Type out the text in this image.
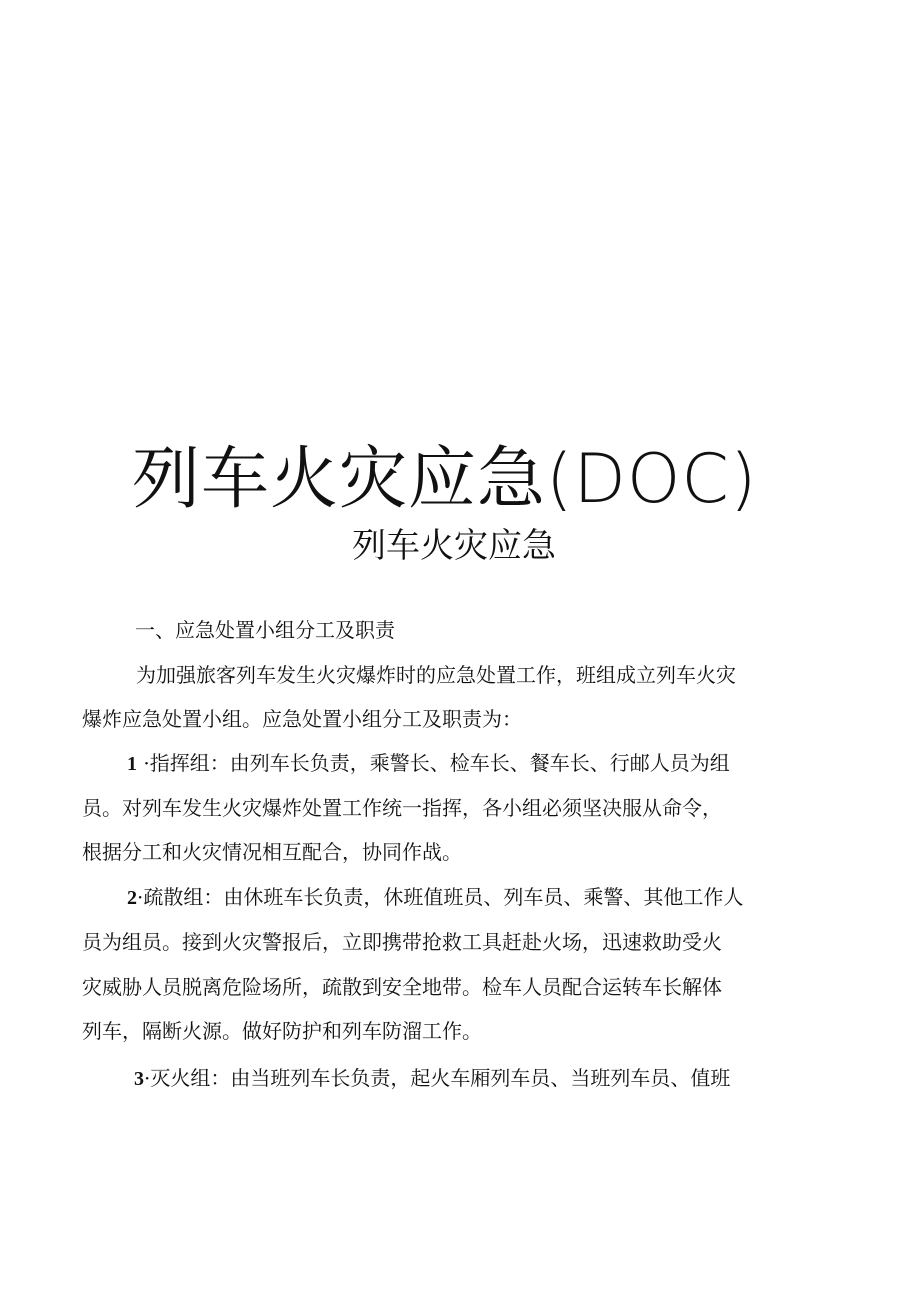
列车火灾应急(DOC)
列车火灾应急
一、应急处置小组分工及职责
为加强旅客列车发生火灾爆炸时的应急处置工作，班组成立列车火灾
爆炸应急处置小组。应急处置小组分工及职责为：
1 ·指挥组：由列车长负责，乘警长、检车长、餐车长、行邮人员为组
员。对列车发生火灾爆炸处置工作统一指挥，各小组必须坚决服从命令，
根据分工和火灾情况相互配合，协同作战。
2·疏散组：由休班车长负责，休班值班员、列车员、乘警、其他工作人
员为组员。接到火灾警报后，立即携带抢救工具赶赴火场，迅速救助受火
灾威胁人员脱离危险场所，疏散到安全地带。检车人员配合运转车长解体
列车，隔断火源。做好防护和列车防溜工作。
3·灭火组：由当班列车长负责，起火车厢列车员、当班列车员、值班
